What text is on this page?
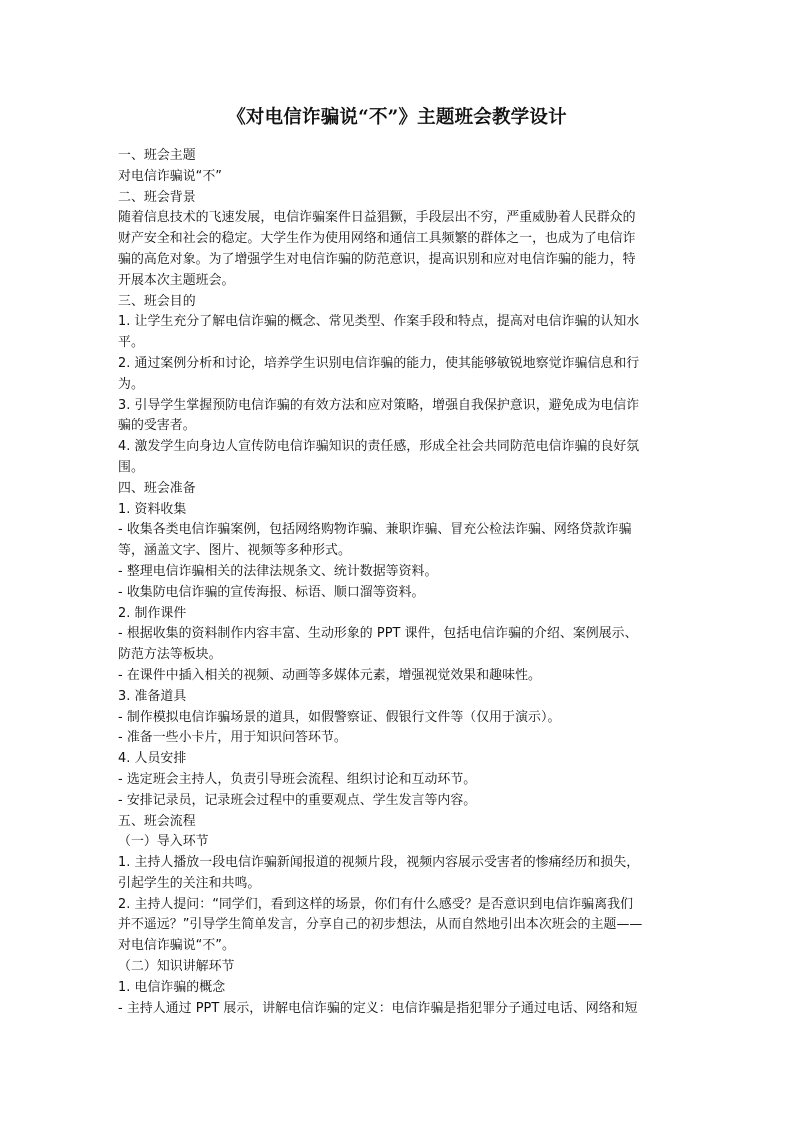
《对电信诈骗说“不”》主题班会教学设计
一、班会主题
对电信诈骗说“不”
二、班会背景
随着信息技术的飞速发展，电信诈骗案件日益猖獗，手段层出不穷，严重威胁着人民群众的
财产安全和社会的稳定。大学生作为使用网络和通信工具频繁的群体之一，也成为了电信诈
骗的高危对象。为了增强学生对电信诈骗的防范意识，提高识别和应对电信诈骗的能力，特
开展本次主题班会。
三、班会目的
1. 让学生充分了解电信诈骗的概念、常见类型、作案手段和特点，提高对电信诈骗的认知水
平。
2. 通过案例分析和讨论，培养学生识别电信诈骗的能力，使其能够敏锐地察觉诈骗信息和行
为。
3. 引导学生掌握预防电信诈骗的有效方法和应对策略，增强自我保护意识，避免成为电信诈
骗的受害者。
4. 激发学生向身边人宣传防电信诈骗知识的责任感，形成全社会共同防范电信诈骗的良好氛
围。
四、班会准备
1. 资料收集
- 收集各类电信诈骗案例，包括网络购物诈骗、兼职诈骗、冒充公检法诈骗、网络贷款诈骗
等，涵盖文字、图片、视频等多种形式。
- 整理电信诈骗相关的法律法规条文、统计数据等资料。
- 收集防电信诈骗的宣传海报、标语、顺口溜等资料。
2. 制作课件
- 根据收集的资料制作内容丰富、生动形象的 PPT 课件，包括电信诈骗的介绍、案例展示、
防范方法等板块。
- 在课件中插入相关的视频、动画等多媒体元素，增强视觉效果和趣味性。
3. 准备道具
- 制作模拟电信诈骗场景的道具，如假警察证、假银行文件等（仅用于演示）。
- 准备一些小卡片，用于知识问答环节。
4. 人员安排
- 选定班会主持人，负责引导班会流程、组织讨论和互动环节。
- 安排记录员，记录班会过程中的重要观点、学生发言等内容。
五、班会流程
（一）导入环节
1. 主持人播放一段电信诈骗新闻报道的视频片段，视频内容展示受害者的惨痛经历和损失，
引起学生的关注和共鸣。
2. 主持人提问：“同学们，看到这样的场景，你们有什么感受？是否意识到电信诈骗离我们
并不遥远？”引导学生简单发言，分享自己的初步想法，从而自然地引出本次班会的主题——
对电信诈骗说“不”。
（二）知识讲解环节
1. 电信诈骗的概念
- 主持人通过 PPT 展示，讲解电信诈骗的定义：电信诈骗是指犯罪分子通过电话、网络和短
